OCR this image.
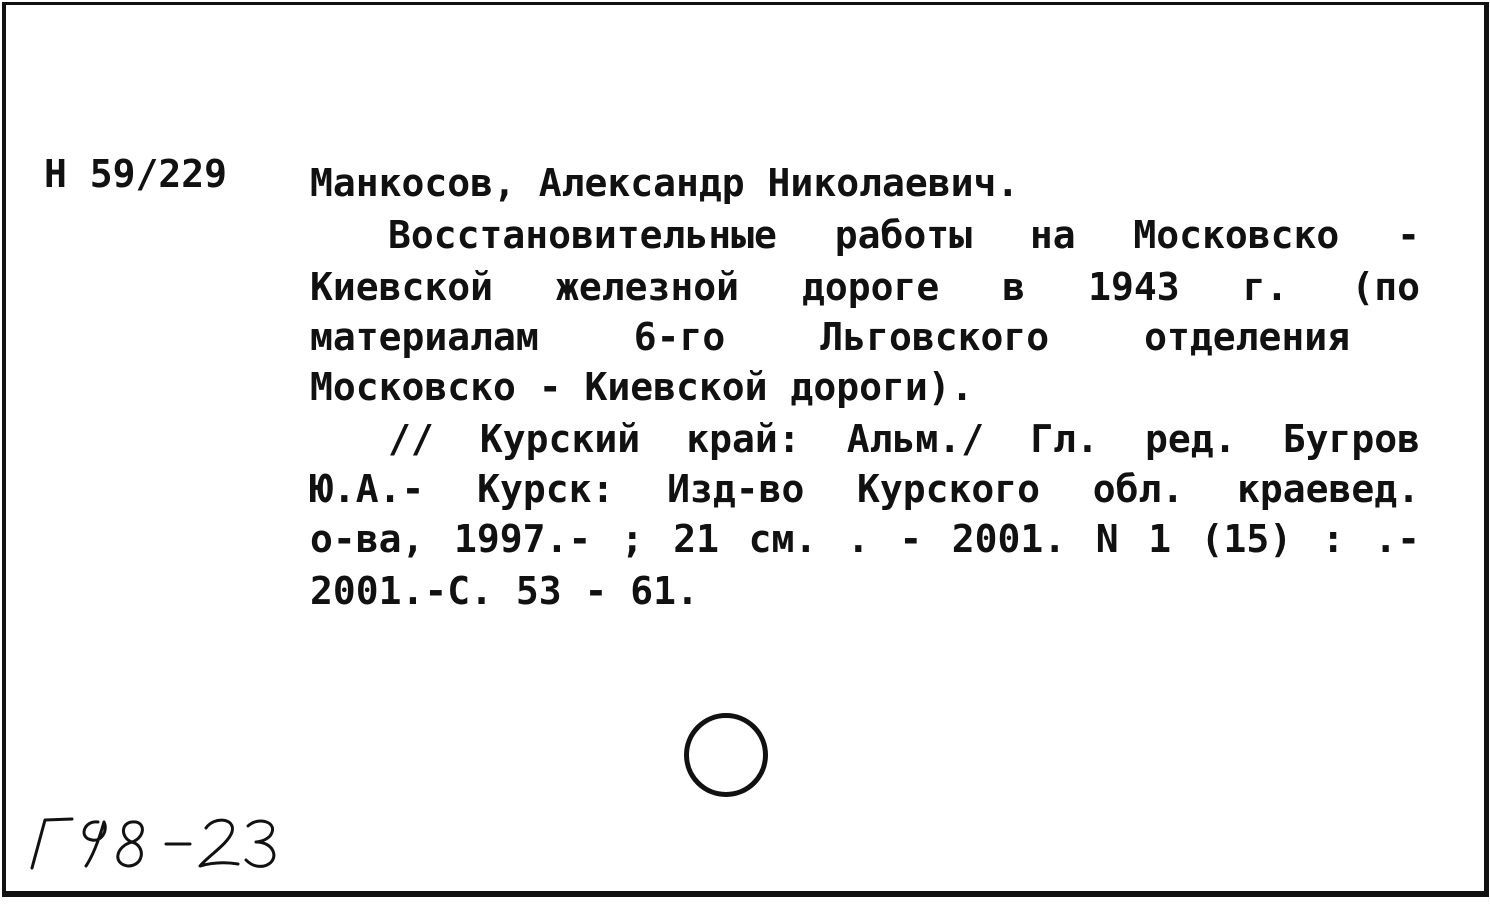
Н 59/229 Манкосов, Александр Николаевич.
Восстановительные работы на Московско -
Киевской железной дороге в 1943 г. (по
материалам 6-го Льговского отделения
Московско - Киевской дороги).
// Курский край: Альм./ Гл. ред. Бугров
Ю.А.- Курск: Изд-во Курского обл. краевед.
о-ва, 1997.- ; 21 см. . - 2001. N 1 (15) : .-
2001.-С. 53 - 61.
